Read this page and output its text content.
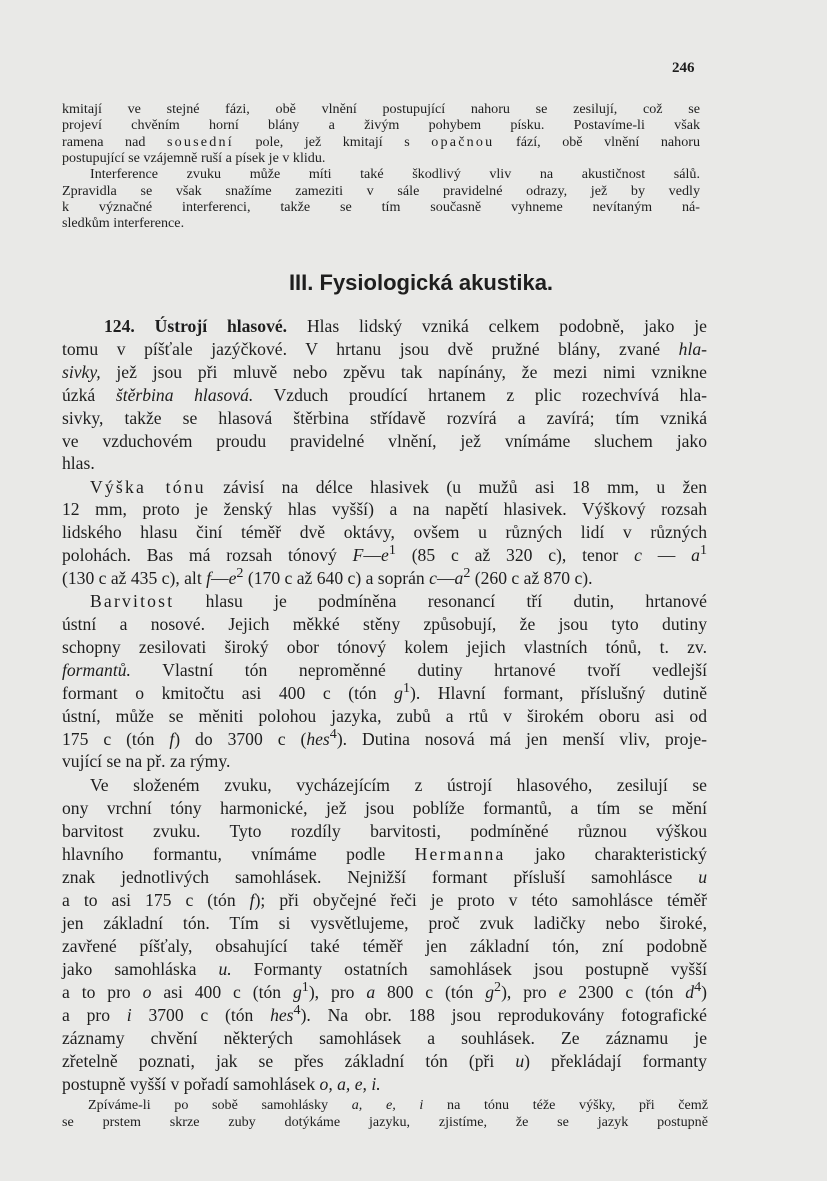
246
kmitají ve stejné fázi, obě vlnění postupující nahoru se zesilují, což se
projeví chvěním horní blány a živým pohybem písku. Postavíme-li však
ramena nad sousední pole, jež kmitají s opačnou fází, obě vlnění nahoru
postupující se vzájemně ruší a písek je v klidu.
Interference zvuku může míti také škodlivý vliv na akustičnost sálů.
Zpravidla se však snažíme zameziti v sále pravidelné odrazy, jež by vedly
k význačné interferenci, takže se tím současně vyhneme nevítaným ná-
sledkům interference.
III. Fysiologická akustika.
124. Ústrojí hlasové. Hlas lidský vzniká celkem podobně, jako je
tomu v píšťale jazýčkové. V hrtanu jsou dvě pružné blány, zvané hla-
sivky, jež jsou při mluvě nebo zpěvu tak napínány, že mezi nimi vznikne
úzká štěrbina hlasová. Vzduch proudící hrtanem z plic rozechvívá hla-
sivky, takže se hlasová štěrbina střídavě rozvírá a zavírá; tím vzniká
ve vzduchovém proudu pravidelné vlnění, jež vnímáme sluchem jako
hlas.
Výška tónu závisí na délce hlasivek (u mužů asi 18 mm, u žen
12 mm, proto je ženský hlas vyšší) a na napětí hlasivek. Výškový rozsah
lidského hlasu činí téměř dvě oktávy, ovšem u různých lidí v různých
polohách. Bas má rozsah tónový $F—e^1$ (85 c až 320 c), tenor c — $a^1$
(130 c až 435 c), alt $f—e^2$ (170 c až 640 c) a soprán $c—a^2$ (260 c až 870 c).
Barvitost hlasu je podmíněna resonancí tří dutin, hrtanové
ústní a nosové. Jejich měkké stěny způsobují, že jsou tyto dutiny
schopny zesilovati široký obor tónový kolem jejich vlastních tónů, t. zv.
formantů. Vlastní tón neproměnné dutiny hrtanové tvoří vedlejší
formant o kmitočtu asi 400 c (tón $g^1$). Hlavní formant, příslušný dutině
ústní, může se měniti polohou jazyka, zubů a rtů v širokém oboru asi od
175 c (tón f) do 3700 c (hes$^4$). Dutina nosová má jen menší vliv, proje-
vující se na př. za rýmy.
Ve složeném zvuku, vycházejícím z ústrojí hlasového, zesilují se
ony vrchní tóny harmonické, jež jsou poblíže formantů, a tím se mění
barvitost zvuku. Tyto rozdíly barvitosti, podmíněné různou výškou
hlavního formantu, vnímáme podle Hermanna jako charakteristický
znak jednotlivých samohlásek. Nejnižší formant přísluší samohlásce u
a to asi 175 c (tón f); při obyčejné řeči je proto v této samohlásce téměř
jen základní tón. Tím si vysvětlujeme, proč zvuk ladičky nebo široké,
zavřené píšťaly, obsahující také téměř jen základní tón, zní podobně
jako samohláska u. Formanty ostatních samohlásek jsou postupně vyšší
a to pro o asi 400 c (tón $g^1$), pro a 800 c (tón $g^2$), pro e 2300 c (tón $d^4$)
a pro i 3700 c (tón hes$^4$). Na obr. 188 jsou reprodukovány fotografické
záznamy chvění některých samohlásek a souhlásek. Ze záznamu je
zřetelně poznati, jak se přes základní tón (při u) překládají formanty
postupně vyšší v pořadí samohlásek o, a, e, i.
Zpíváme-li po sobě samohlásky a, e, i na tónu téže výšky, při čemž
se prstem skrze zuby dotýkáme jazyku, zjistíme, že se jazyk postupně
